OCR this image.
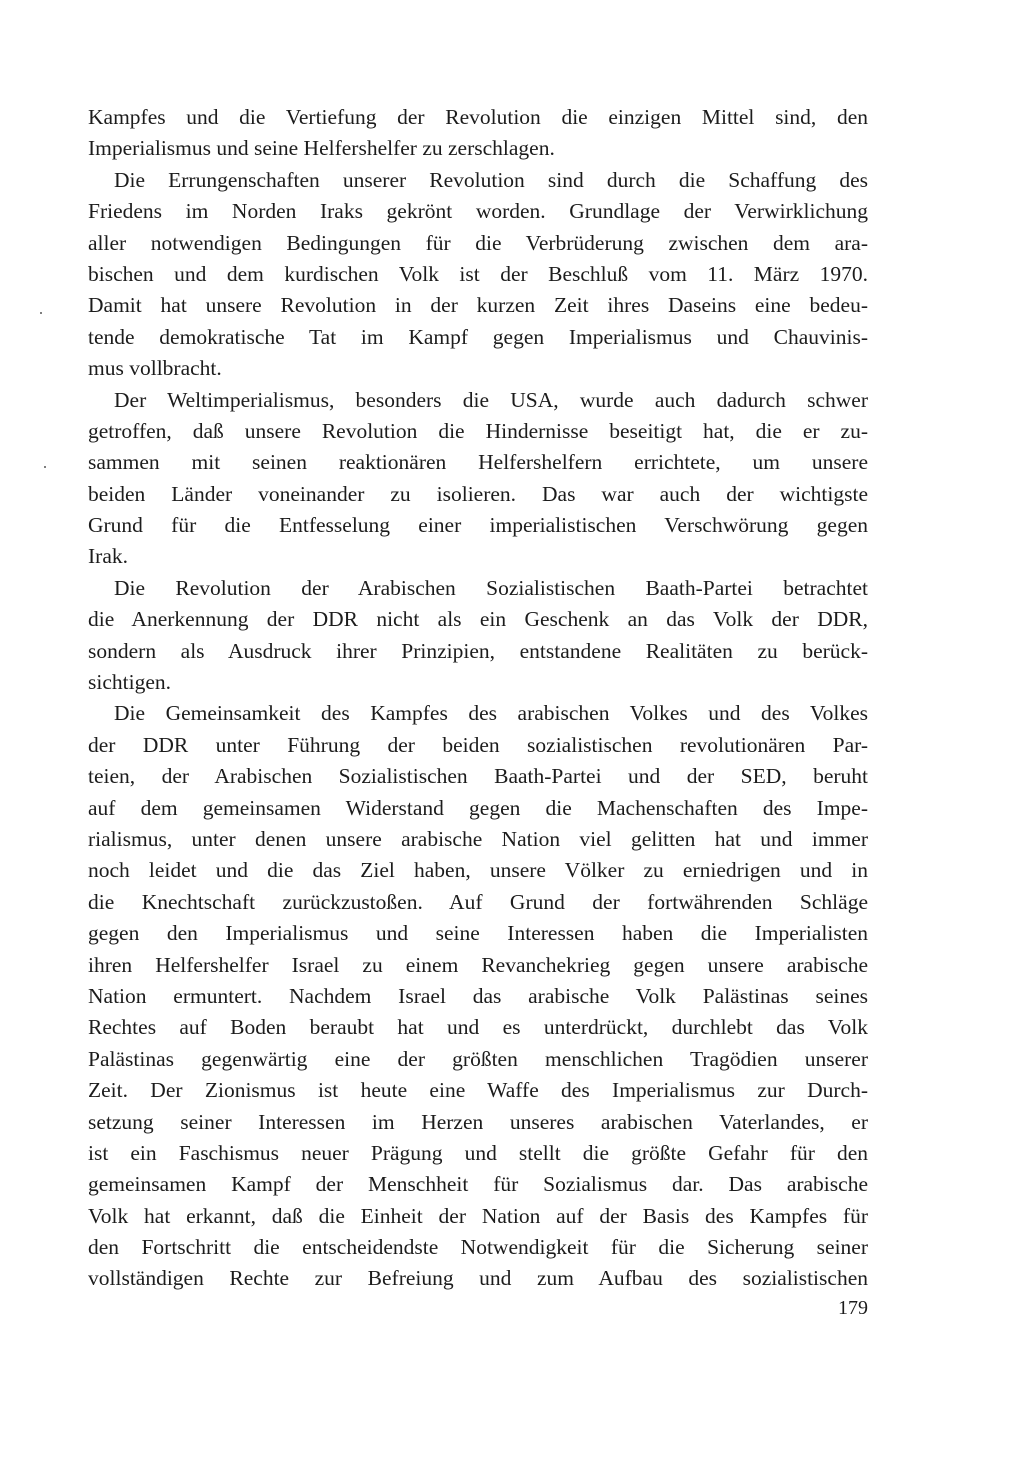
Kampfes und die Vertiefung der Revolution die einzigen Mittel sind, den
Imperialismus und seine Helfershelfer zu zerschlagen.
Die Errungenschaften unserer Revolution sind durch die Schaffung des
Friedens im Norden Iraks gekrönt worden. Grundlage der Verwirklichung
aller notwendigen Bedingungen für die Verbrüderung zwischen dem ara-
bischen und dem kurdischen Volk ist der Beschluß vom 11. März 1970.
Damit hat unsere Revolution in der kurzen Zeit ihres Daseins eine bedeu-
tende demokratische Tat im Kampf gegen Imperialismus und Chauvinis-
mus vollbracht.
Der Weltimperialismus, besonders die USA, wurde auch dadurch schwer
getroffen, daß unsere Revolution die Hindernisse beseitigt hat, die er zu-
sammen mit seinen reaktionären Helfershelfern errichtete, um unsere
beiden Länder voneinander zu isolieren. Das war auch der wichtigste
Grund für die Entfesselung einer imperialistischen Verschwörung gegen
Irak.
Die Revolution der Arabischen Sozialistischen Baath-Partei betrachtet
die Anerkennung der DDR nicht als ein Geschenk an das Volk der DDR,
sondern als Ausdruck ihrer Prinzipien, entstandene Realitäten zu berück-
sichtigen.
Die Gemeinsamkeit des Kampfes des arabischen Volkes und des Volkes
der DDR unter Führung der beiden sozialistischen revolutionären Par-
teien, der Arabischen Sozialistischen Baath-Partei und der SED, beruht
auf dem gemeinsamen Widerstand gegen die Machenschaften des Impe-
rialismus, unter denen unsere arabische Nation viel gelitten hat und immer
noch leidet und die das Ziel haben, unsere Völker zu erniedrigen und in
die Knechtschaft zurückzustoßen. Auf Grund der fortwährenden Schläge
gegen den Imperialismus und seine Interessen haben die Imperialisten
ihren Helfershelfer Israel zu einem Revanchekrieg gegen unsere arabische
Nation ermuntert. Nachdem Israel das arabische Volk Palästinas seines
Rechtes auf Boden beraubt hat und es unterdrückt, durchlebt das Volk
Palästinas gegenwärtig eine der größten menschlichen Tragödien unserer
Zeit. Der Zionismus ist heute eine Waffe des Imperialismus zur Durch-
setzung seiner Interessen im Herzen unseres arabischen Vaterlandes, er
ist ein Faschismus neuer Prägung und stellt die größte Gefahr für den
gemeinsamen Kampf der Menschheit für Sozialismus dar. Das arabische
Volk hat erkannt, daß die Einheit der Nation auf der Basis des Kampfes für
den Fortschritt die entscheidendste Notwendigkeit für die Sicherung seiner
vollständigen Rechte zur Befreiung und zum Aufbau des sozialistischen
179
